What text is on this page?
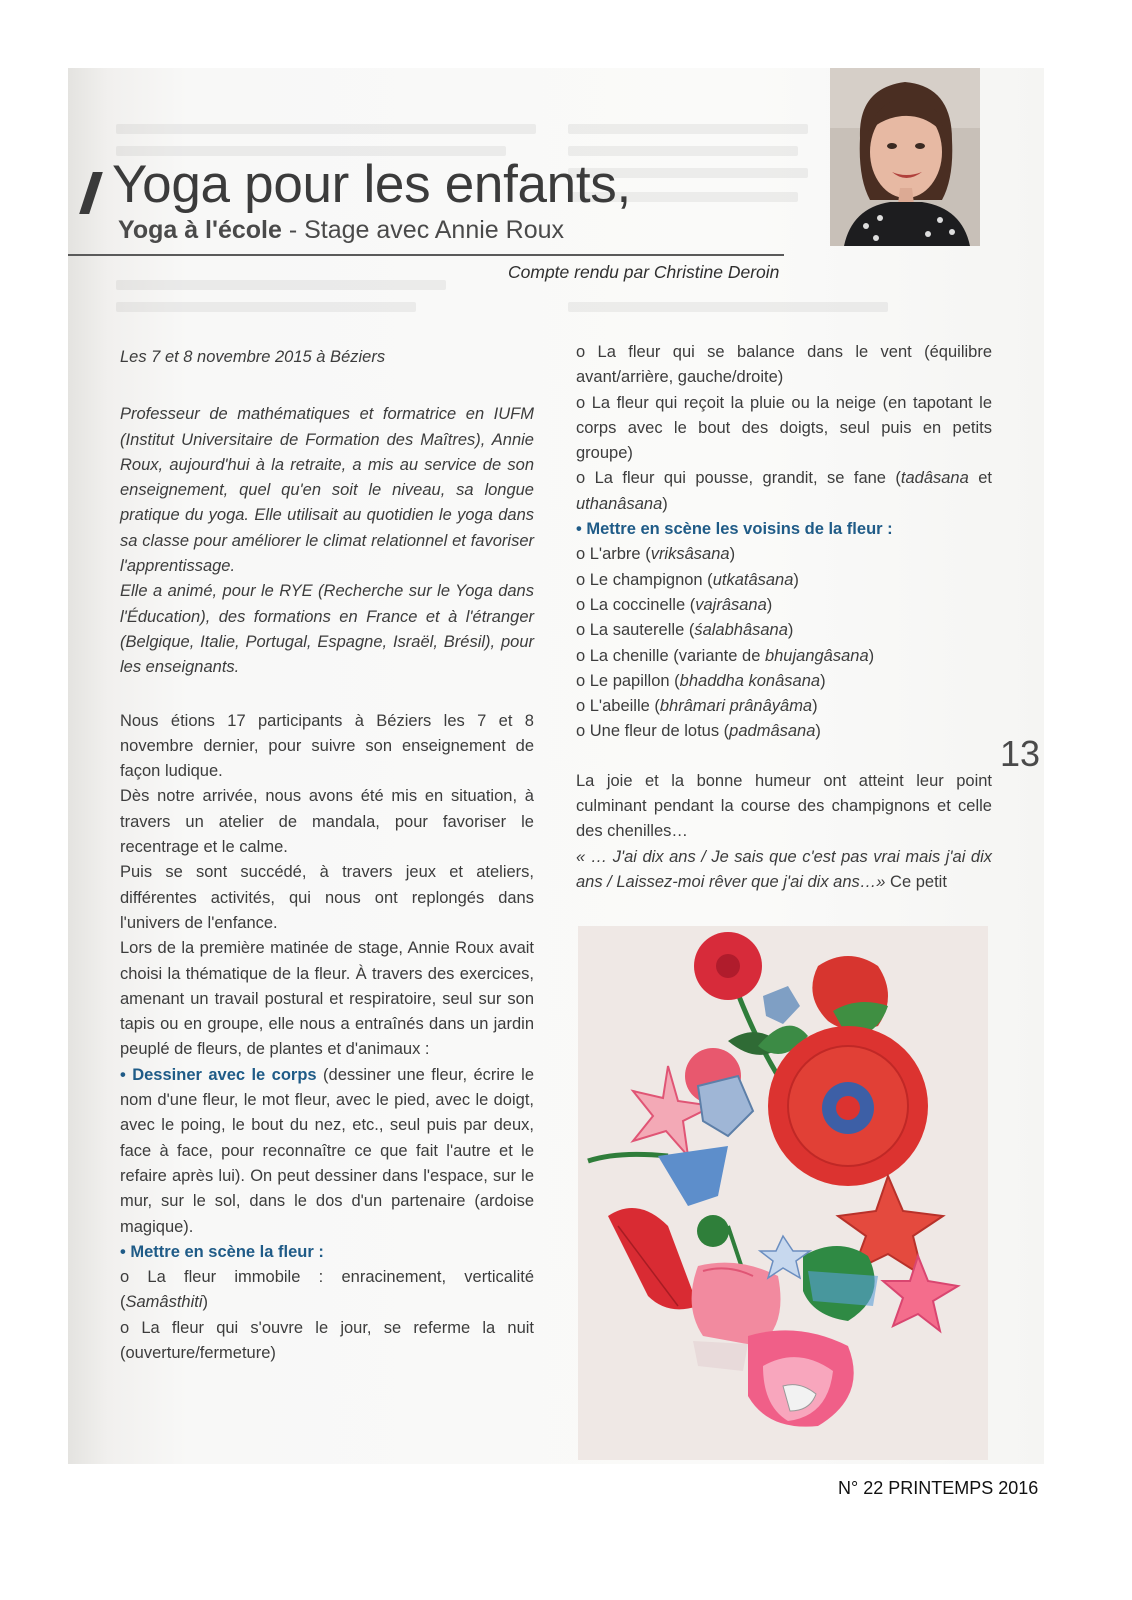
Yoga pour les enfants,
Yoga à l'école - Stage avec Annie Roux
Compte rendu par Christine Deroin

Les 7 et 8 novembre 2015 à Béziers

Professeur de mathématiques et formatrice en IUFM (Institut Universitaire de Formation des Maîtres), Annie Roux, aujourd'hui à la retraite, a mis au service de son enseignement, quel qu'en soit le niveau, sa longue pratique du yoga. Elle utilisait au quotidien le yoga dans sa classe pour améliorer le climat relationnel et favoriser l'apprentissage.

Elle a animé, pour le RYE (Recherche sur le Yoga dans l'Éducation), des formations en France et à l'étranger (Belgique, Italie, Portugal, Espagne, Israël, Brésil), pour les enseignants.

Nous étions 17 participants à Béziers les 7 et 8 novembre dernier, pour suivre son enseignement de façon ludique.

Dès notre arrivée, nous avons été mis en situation, à travers un atelier de mandala, pour favoriser le recentrage et le calme.

Puis se sont succédé, à travers jeux et ateliers, différentes activités, qui nous ont replongés dans l'univers de l'enfance.

Lors de la première matinée de stage, Annie Roux avait choisi la thématique de la fleur. À travers des exercices, amenant un travail postural et respiratoire, seul sur son tapis ou en groupe, elle nous a entraînés dans un jardin peuplé de fleurs, de plantes et d'animaux :

• Dessiner avec le corps (dessiner une fleur, écrire le nom d'une fleur, le mot fleur, avec le pied, avec le doigt, avec le poing, le bout du nez, etc., seul puis par deux, face à face, pour reconnaître ce que fait l'autre et le refaire après lui). On peut dessiner dans l'espace, sur le mur, sur le sol, dans le dos d'un partenaire (ardoise magique).

• Mettre en scène la fleur :

o La fleur immobile : enracinement, verticalité (Samâsthiti)

o La fleur qui s'ouvre le jour, se referme la nuit (ouverture/fermeture)

o La fleur qui se balance dans le vent (équilibre avant/arrière, gauche/droite)

o La fleur qui reçoit la pluie ou la neige (en tapotant le corps avec le bout des doigts, seul puis en petits groupe)

o La fleur qui pousse, grandit, se fane (tadâsana et uthanâsana)

• Mettre en scène les voisins de la fleur :

o L'arbre (vriksâsana)

o Le champignon (utkatâsana)

o La coccinelle (vajrâsana)

o La sauterelle (śalabhâsana)

o La chenille (variante de bhujangâsana)

o Le papillon (bhaddha konâsana)

o L'abeille (bhrâmari prânâyâma)

o Une fleur de lotus (padmâsana)

La joie et la bonne humeur ont atteint leur point culminant pendant la course des champignons et celle des chenilles…

« … J'ai dix ans / Je sais que c'est pas vrai mais j'ai dix ans / Laissez-moi rêver que j'ai dix ans…» Ce petit

13
N° 22 PRINTEMPS 2016
